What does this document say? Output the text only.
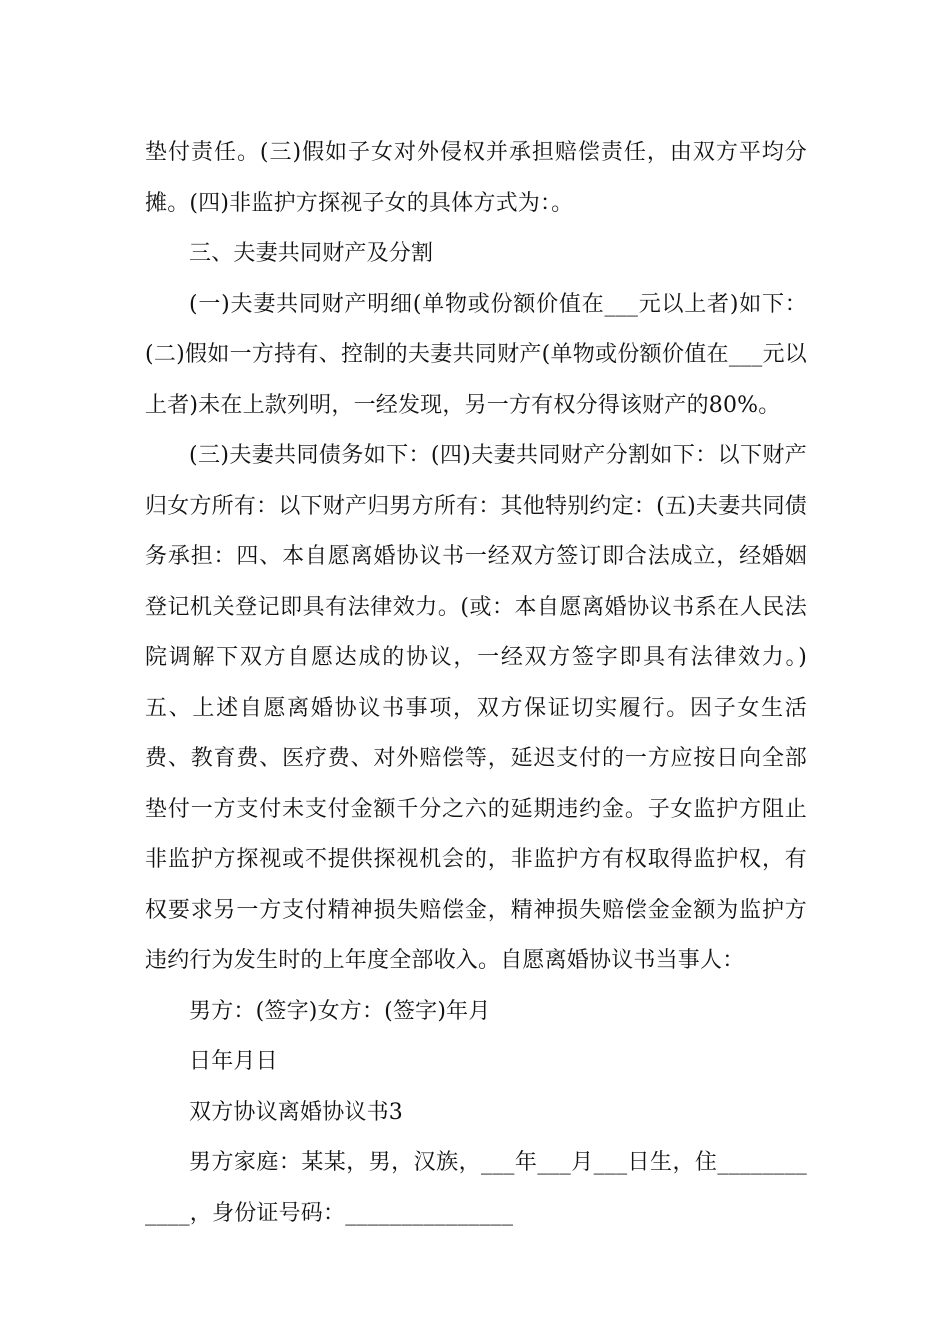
垫付责任。(三)假如子女对外侵权并承担赔偿责任，由双方平均分摊。(四)非监护方探视子女的具体方式为：。

三、夫妻共同财产及分割

(一)夫妻共同财产明细(单物或份额价值在___元以上者)如下：(二)假如一方持有、控制的夫妻共同财产(单物或份额价值在___元以上者)未在上款列明，一经发现，另一方有权分得该财产的80%。

(三)夫妻共同债务如下：(四)夫妻共同财产分割如下：以下财产归女方所有：以下财产归男方所有：其他特别约定：(五)夫妻共同债务承担：四、本自愿离婚协议书一经双方签订即合法成立，经婚姻登记机关登记即具有法律效力。(或：本自愿离婚协议书系在人民法院调解下双方自愿达成的协议，一经双方签字即具有法律效力。)五、上述自愿离婚协议书事项，双方保证切实履行。因子女生活费、教育费、医疗费、对外赔偿等，延迟支付的一方应按日向全部垫付一方支付未支付金额千分之六的延期违约金。子女监护方阻止非监护方探视或不提供探视机会的，非监护方有权取得监护权，有权要求另一方支付精神损失赔偿金，精神损失赔偿金金额为监护方违约行为发生时的上年度全部收入。自愿离婚协议书当事人：

男方：(签字)女方：(签字)年月

日年月日

双方协议离婚协议书3

男方家庭：某某，男，汉族，___年___月___日生，住____________，身份证号码：_______________
